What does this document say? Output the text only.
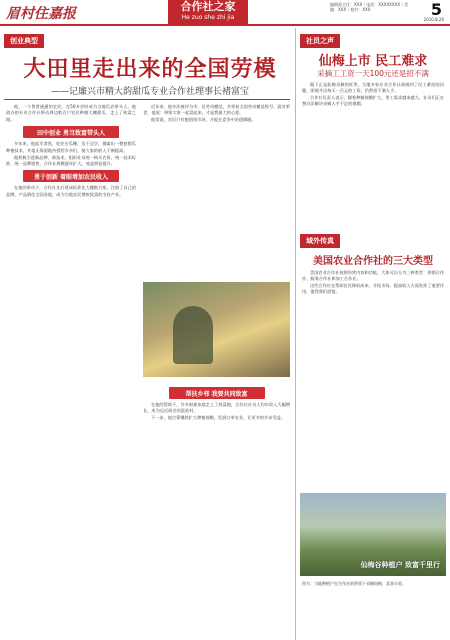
眉村住嘉报	合作社之家
He zuo she zhi jia
编辑部主任：XXX｜电话：XXXXXXXX｜美编：XXX｜校对：XXX	5
2010.8.26
创业典型
大田里走出来的全国劳模
——记廉兴市精大韵甜瓜专业合作社理事长褚富宝

他，一个普普通通的农民，在50多岁时成为当地瓜农带头人，他创办的专业合作社带动周边数百户农民种植大棚甜瓜，走上了致富之路。

田中创业 勇当致富带头人

多年来，他起早贪黑，吃住在瓜棚，边干边学，摸索出一整套甜瓜种植技术，并毫无保留地传授给乡亲们，使大家的收入不断提高。

他积极引进新品种、新技术，组织社员统一购买农资、统一技术标准、统一品牌销售，合作社规模逐年扩大，效益明显提升。

勇于创新 着眼增加农民收入

在他的带动下，合作社先后建成标准化大棚数百座，注册了自己的品牌，产品销往全国各地，成为当地农民增收致富的支柱产业。

近年来，他多次被评为市、县劳动模范，并荣获全国劳动模范称号。面对荣誉，他说：带领大家一起富起来，才是我最大的心愿。

他常说，农民只有抱团闯市场，才能在竞争中站稳脚跟。

帮扶乡邻 我要共同致富

在他的帮助下，许多困难家庭走上了致富路，合作社社员人均年收入大幅增长，成为远近闻名的富裕村。

下一步，他打算继续扩大种植规模，发展订单农业，让更多的乡亲受益。

社员之声
仙梅上市 民工难求
采摘工工资一天100元还是招不满

眼下正是仙梅采摘的旺季，当地多家专业合作社却遇到了民工难招的问题，即使开出每天一百元的工资，仍然招不满人手。

合作社负责人表示，随着种植规模扩大，用工需求越来越大，社员们正在想办法解决采摘人手不足的难题。

域外传真
美国农业合作社的三大类型

美国农业合作社按照经营内容和功能，大体可以分为三种类型：供销合作社、服务合作社和加工合作社。

这些合作社在帮助农民降低成本、开拓市场、提高收入方面发挥了重要作用，值得我们借鉴。

仙梅谷种植户 致富千里行
图为：当地种植户在合作社的带领下采摘仙梅，喜获丰收。
